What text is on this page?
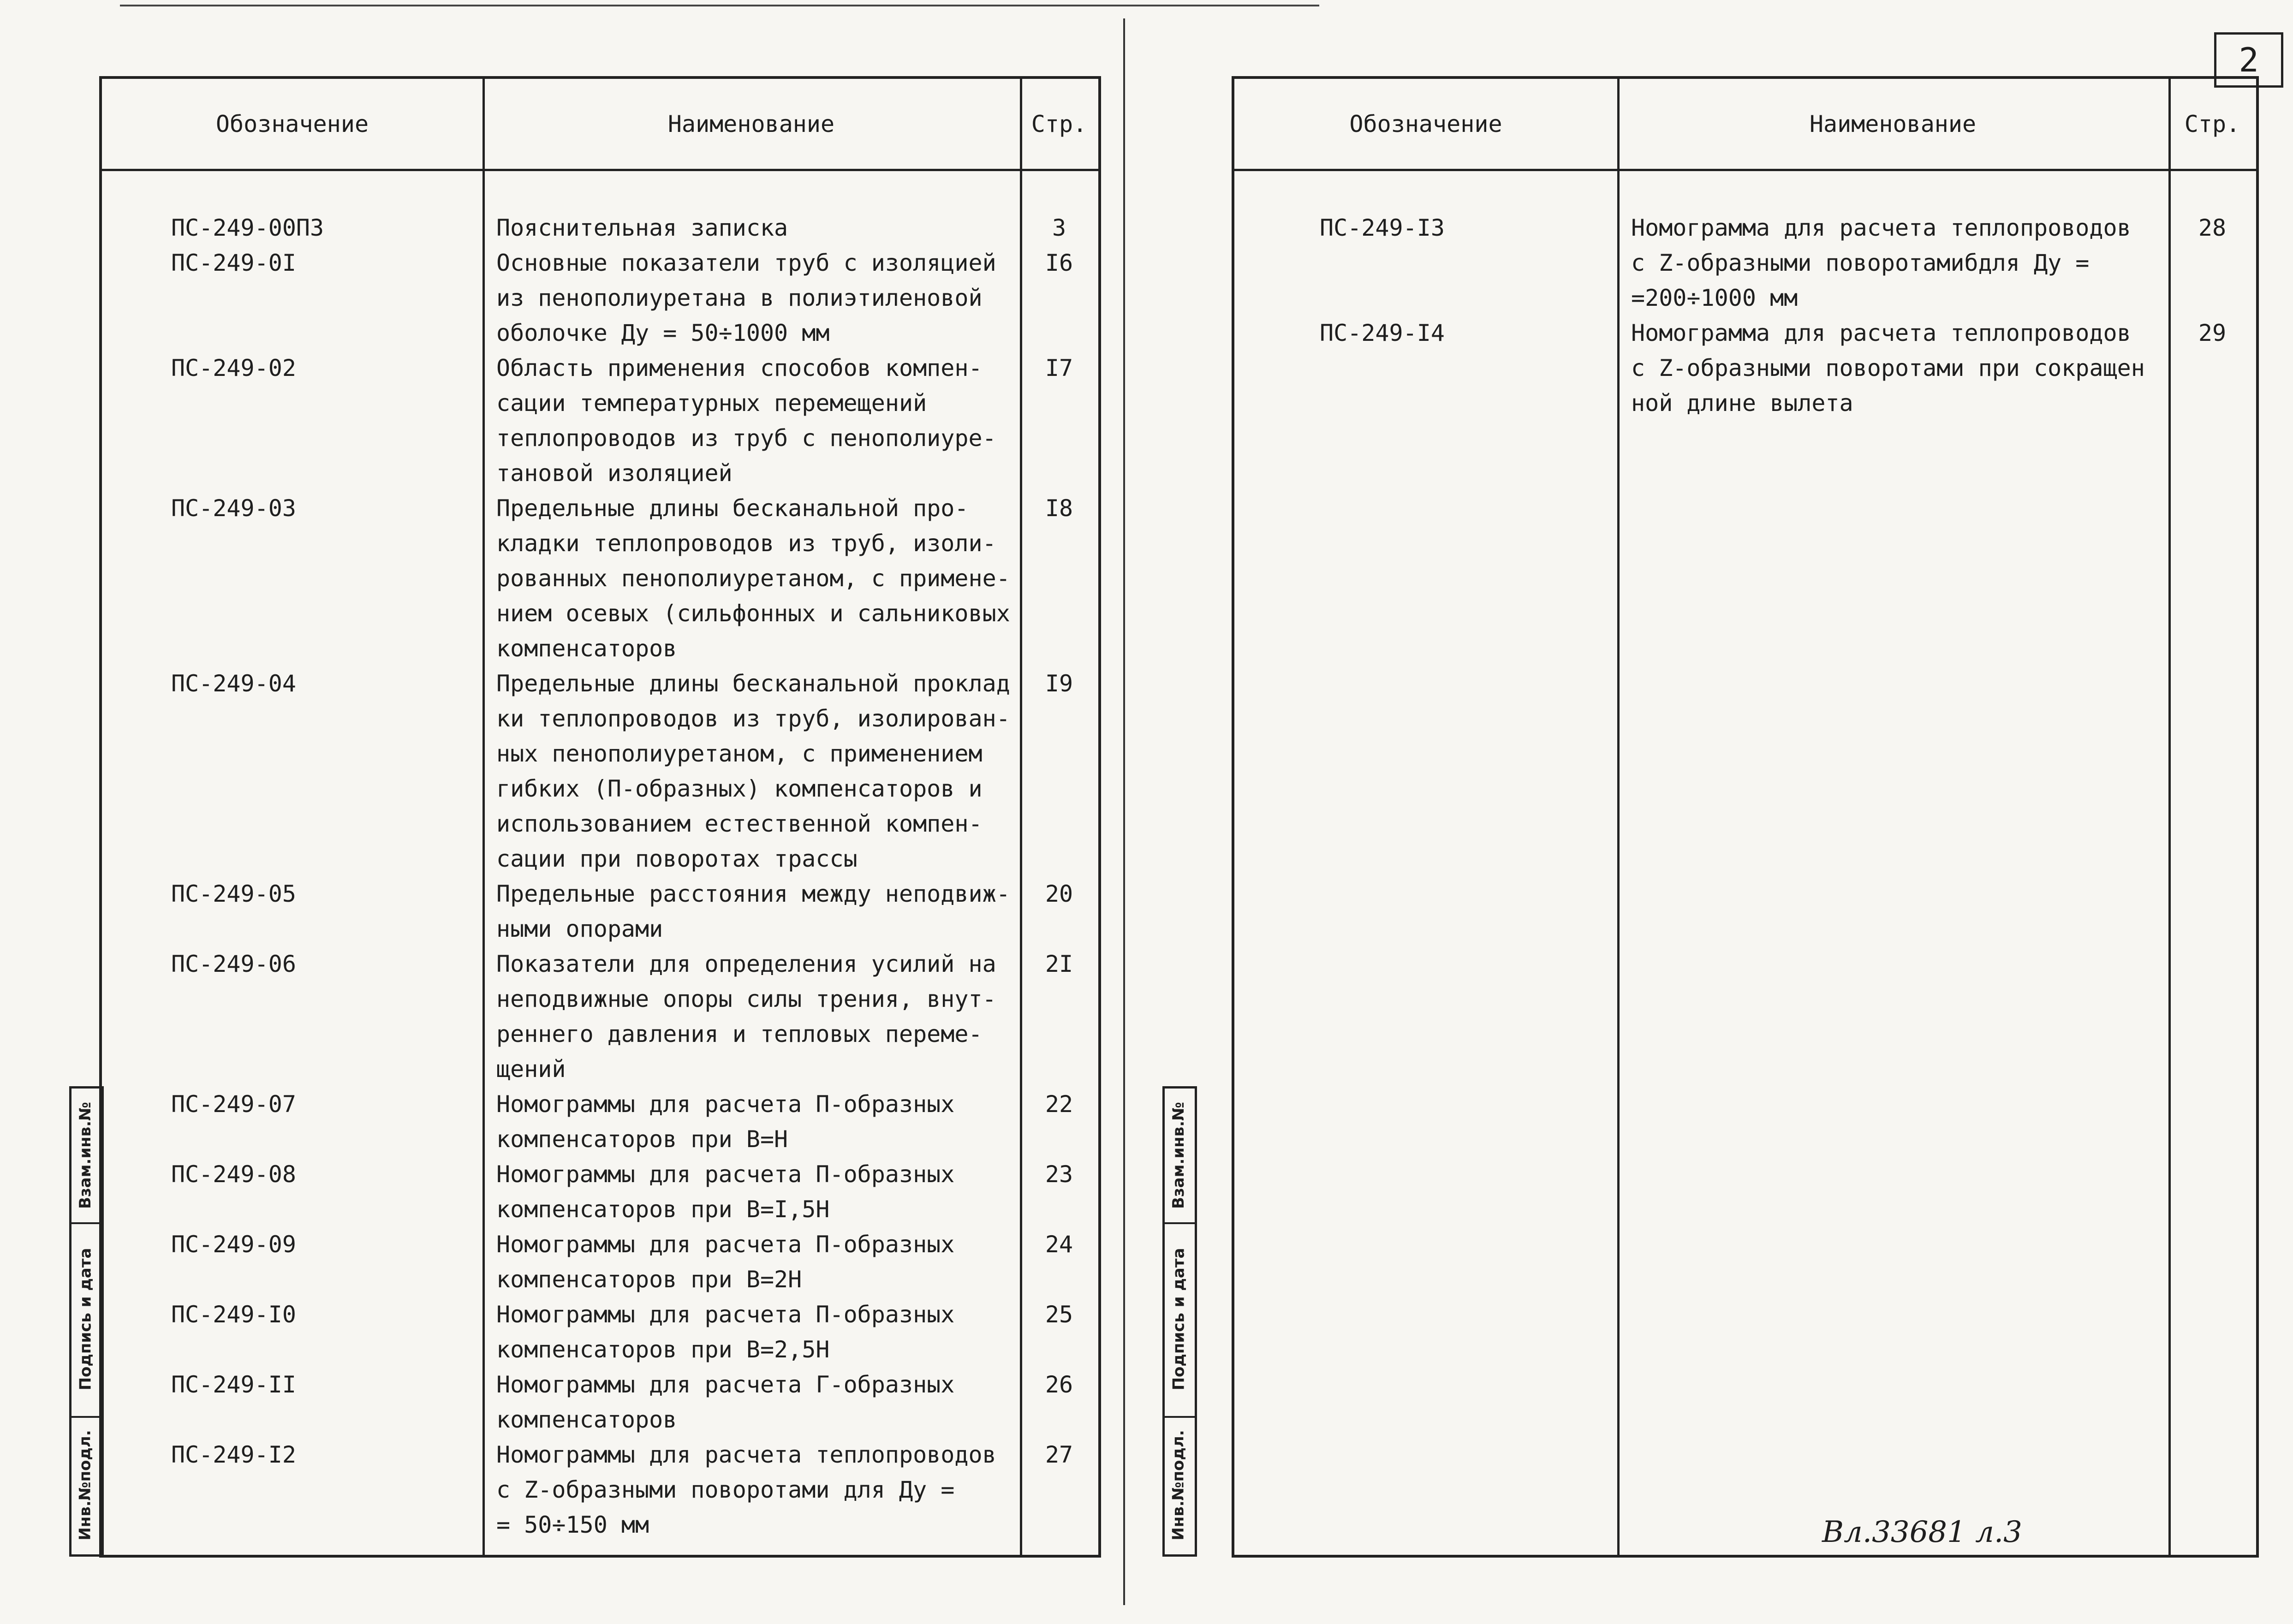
2
Обозначение	Наименование	Стр.
ПС-249-00ПЗ	Пояснительная записка	3
ПС-249-0I	Основные показатели труб с изоляцией
из пенополиуретана в полиэтиленовой
оболочке Ду = 50÷1000 мм
I6
ПС-249-02	Область применения способов компен-
сации температурных перемещений
теплопроводов из труб с пенополиуре-
тановой изоляцией
I7
ПС-249-03	Предельные длины бесканальной про-
кладки теплопроводов из труб, изоли-
рованных пенополиуретаном, с примене-
нием осевых (сильфонных и сальниковых
компенсаторов
I8
ПС-249-04	Предельные длины бесканальной проклад
ки теплопроводов из труб, изолирован-
ных пенополиуретаном, с применением
гибких (П-образных) компенсаторов и
использованием естественной компен-
сации при поворотах трассы
I9
ПС-249-05	Предельные расстояния между неподвиж-
ными опорами
20
ПС-249-06	Показатели для определения усилий на
неподвижные опоры силы трения, внут-
реннего давления и тепловых переме-
щений
2I
ПС-249-07	Номограммы для расчета П-образных
компенсаторов при В=Н
22
ПС-249-08	Номограммы для расчета П-образных
компенсаторов при В=I,5Н
23
ПС-249-09	Номограммы для расчета П-образных
компенсаторов при В=2Н
24
ПС-249-I0	Номограммы для расчета П-образных
компенсаторов при В=2,5Н
25
ПС-249-II	Номограммы для расчета Г-образных
компенсаторов
26
ПС-249-I2	Номограммы для расчета теплопроводов
с Z-образными поворотами для Ду =
= 50÷150 мм
27
Обозначение	Наименование	Стр.
ПС-249-I3	Номограмма для расчета теплопроводов
с Z-образными поворотамибдля Ду =
=200÷1000 мм
28
ПС-249-I4	Номограмма для расчета теплопроводов
с Z-образными поворотами при сокращен
ной длине вылета
29
Взам.инв.№
Подпись и дата
Инв.№подл.
Взам.инв.№
Подпись и дата
Инв.№подл.	Вл.33681 л.3
